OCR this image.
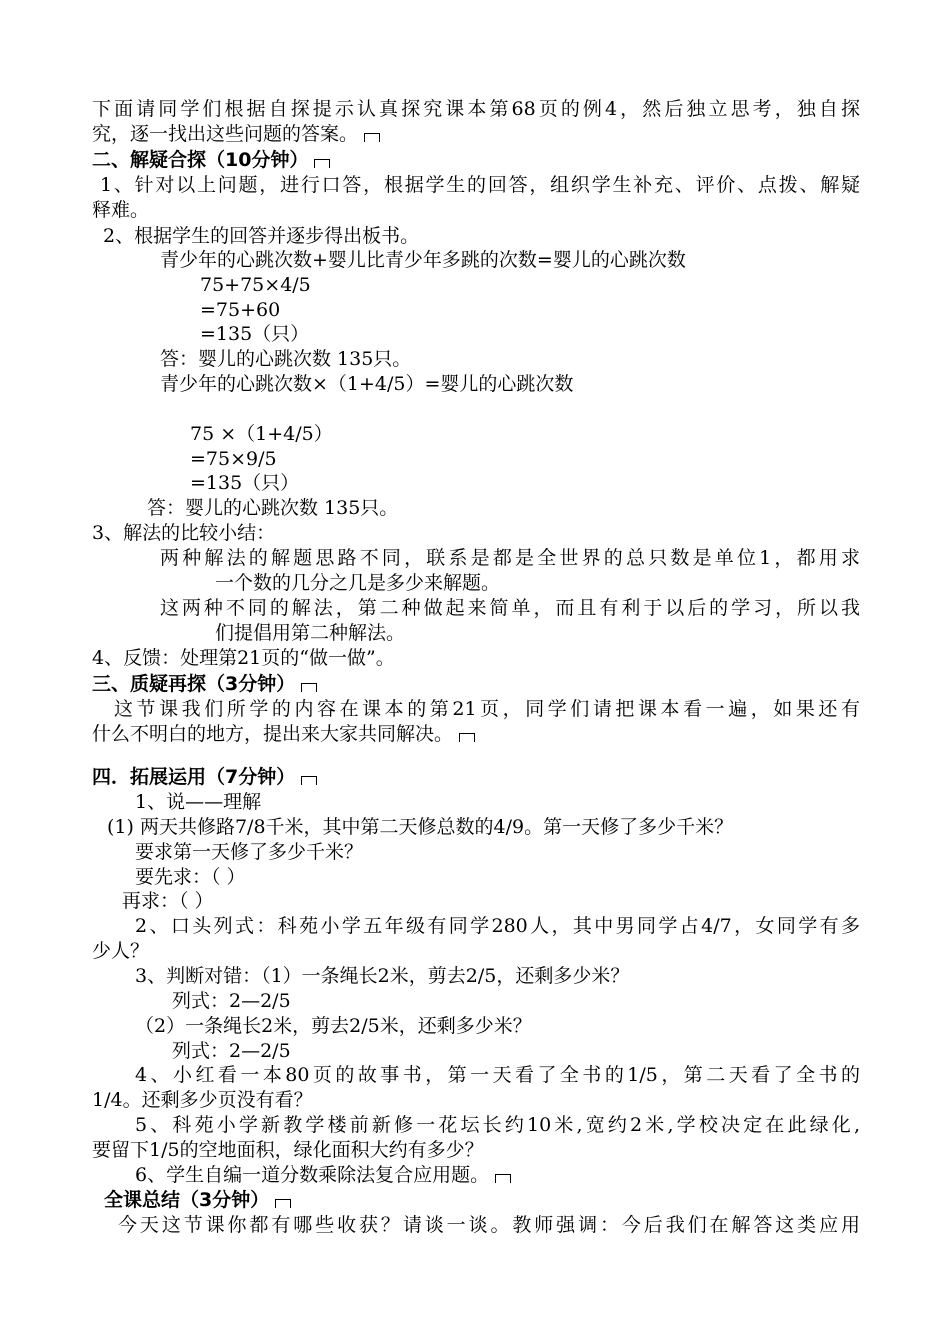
下面请同学们根据自探提示认真探究课本第68页的例4，然后独立思考，独自探
究，逐一找出这些问题的答案。
二、解疑合探（10分钟）
1、针对以上问题，进行口答，根据学生的回答，组织学生补充、评价、点拨、解疑
释难。
2、根据学生的回答并逐步得出板书。
青少年的心跳次数+婴儿比青少年多跳的次数=婴儿的心跳次数
75+75×4/5
=75+60
=135（只）
答：婴儿的心跳次数 135只。
青少年的心跳次数×（1+4/5）=婴儿的心跳次数
75 ×（1+4/5）
=75×9/5
=135（只）
答：婴儿的心跳次数 135只。
3、解法的比较小结：
两种解法的解题思路不同，联系是都是全世界的总只数是单位1，都用求
一个数的几分之几是多少来解题。
这两种不同的解法，第二种做起来简单，而且有利于以后的学习，所以我
们提倡用第二种解法。
4、反馈：处理第21页的“做一做”。
三、质疑再探（3分钟）
这节课我们所学的内容在课本的第21页，同学们请把课本看一遍，如果还有
什么不明白的地方，提出来大家共同解决。
四．拓展运用（7分钟）
1、说——理解
(1) 两天共修路7/8千米，其中第二天修总数的4/9。第一天修了多少千米？
要求第一天修了多少千米？
要先求：（ ）
再求：（ ）
2、口头列式：科苑小学五年级有同学280人，其中男同学占4/7，女同学有多
少人？
3、判断对错：（1）一条绳长2米，剪去2/5，还剩多少米？
列式：2—2/5
（2）一条绳长2米，剪去2/5米，还剩多少米？
列式：2—2/5
4、小红看一本80页的故事书，第一天看了全书的1/5，第二天看了全书的
1/4。还剩多少页没有看？
5、科苑小学新教学楼前新修一花坛长约10米,宽约2米,学校决定在此绿化,
要留下1/5的空地面积，绿化面积大约有多少？
6、学生自编一道分数乘除法复合应用题。
全课总结（3分钟）
今天这节课你都有哪些收获？请谈一谈。教师强调：今后我们在解答这类应用
